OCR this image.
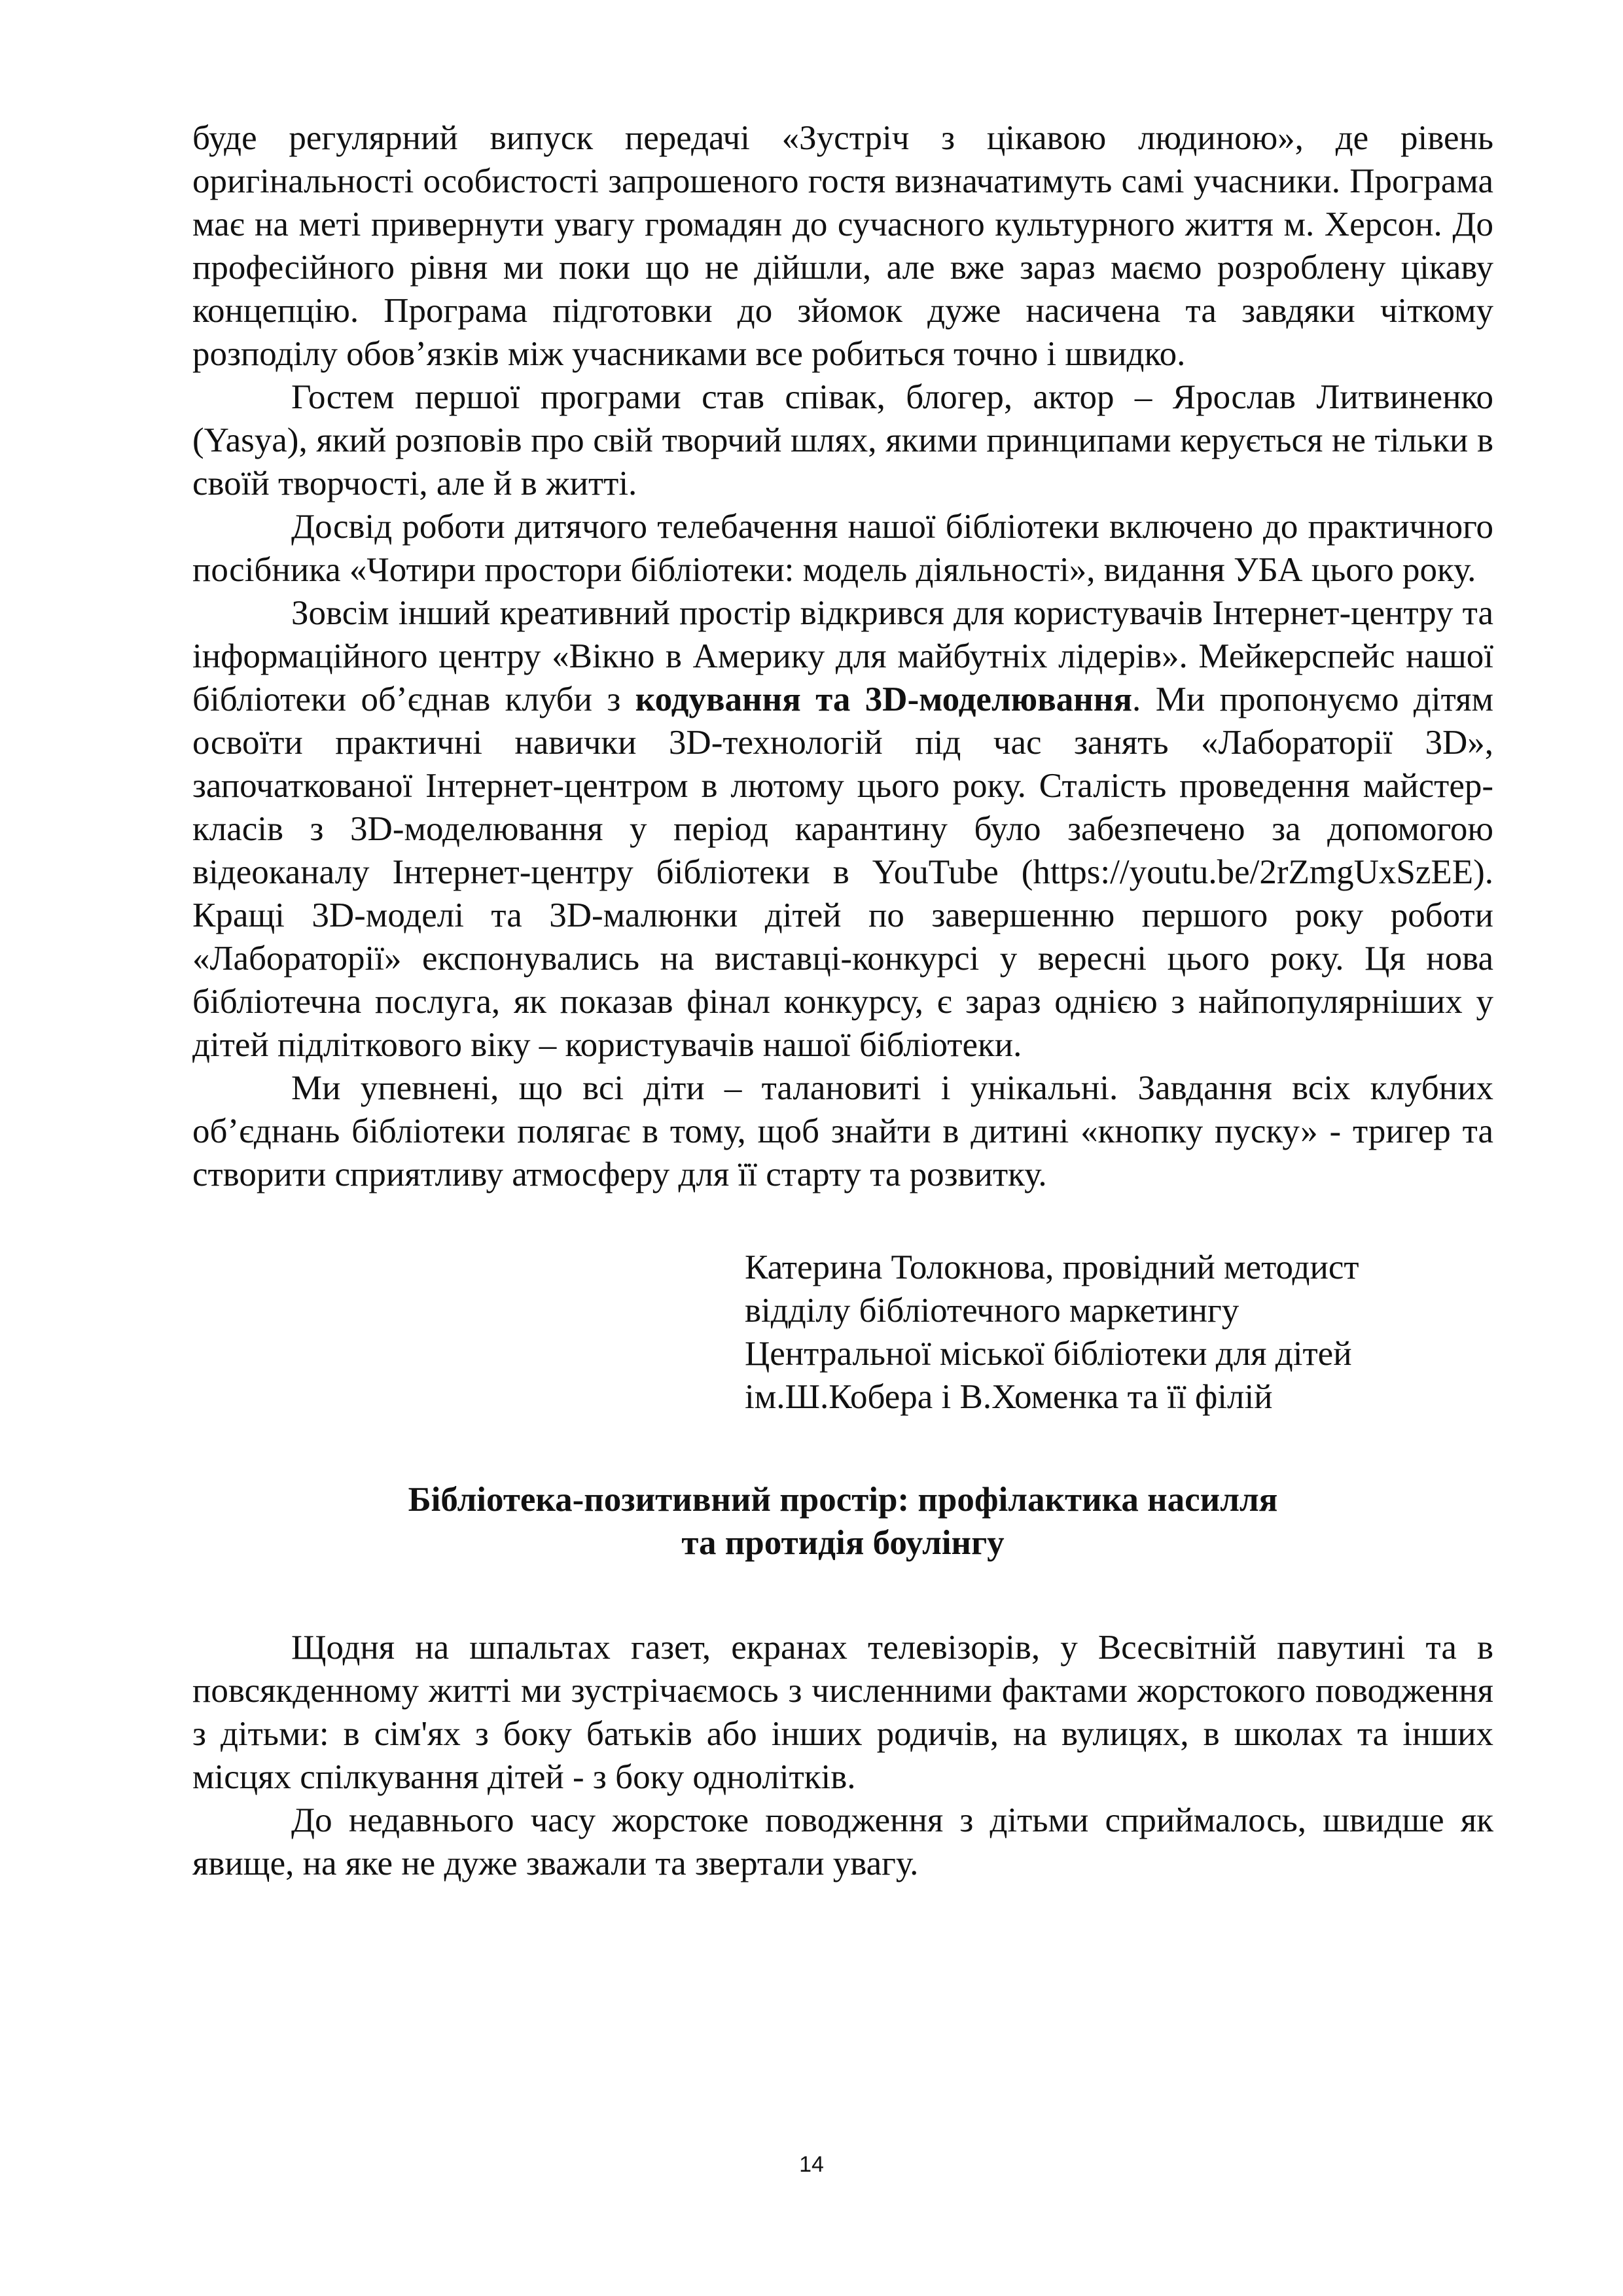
буде регулярний випуск передачі «Зустріч з цікавою людиною», де рівень оригінальності особистості запрошеного гостя визначатимуть самі учасники. Програма має на меті привернути увагу громадян до сучасного культурного життя м. Херсон. До професійного рівня ми поки що не дійшли, але вже зараз маємо розроблену цікаву концепцію. Програма підготовки до зйомок дуже насичена та завдяки чіткому розподілу обов’язків між учасниками все робиться точно і швидко.

Гостем першої програми став співак, блогер, актор – Ярослав Литвиненко (Yasya), який розповів про свій творчий шлях, якими принципами керується не тільки в своїй творчості, але й в житті.

Досвід роботи дитячого телебачення нашої бібліотеки включено до практичного посібника «Чотири простори бібліотеки: модель діяльності», видання УБА цього року.

Зовсім інший креативний простір відкрився для користувачів Інтернет-центру та інформаційного центру «Вікно в Америку для майбутніх лідерів». Мейкерспейс нашої бібліотеки об’єднав клуби з кодування та 3D-моделювання. Ми пропонуємо дітям освоїти практичні навички 3D-технологій під час занять «Лабораторії 3D», започаткованої Інтернет-центром в лютому цього року. Сталість проведення майстер-класів з 3D-моделювання у період карантину було забезпечено за допомогою відеоканалу Інтернет-центру бібліотеки в YouTube (https://youtu.be/2rZmgUxSzEE). Кращі 3D-моделі та 3D-малюнки дітей по завершенню першого року роботи «Лабораторії» експонувались на виставці-конкурсі у вересні цього року. Ця нова бібліотечна послуга, як показав фінал конкурсу, є зараз однією з найпопулярніших у дітей підліткового віку – користувачів нашої бібліотеки.

Ми упевнені, що всі діти – талановиті і унікальні. Завдання всіх клубних об’єднань бібліотеки полягає в тому, щоб знайти в дитині «кнопку пуску» - тригер та створити сприятливу атмосферу для її старту та розвитку.

Катерина Толокнова, провідний методист
відділу бібліотечного маркетингу
Центральної міської бібліотеки для дітей
ім.Ш.Кобера і В.Хоменка та її філій
Бібліотека-позитивний простір: профілактика насилля
та протидія боулінгу

Щодня на шпальтах газет, екранах телевізорів, у Всесвітній павутині та в повсякденному житті ми зустрічаємось з численними фактами жорстокого поводження з дітьми: в сім'ях з боку батьків або інших родичів, на вулицях, в школах та інших місцях спілкування дітей - з боку однолітків.

До недавнього часу жорстоке поводження з дітьми сприймалось, швидше як явище, на яке не дуже зважали та звертали увагу.

14
